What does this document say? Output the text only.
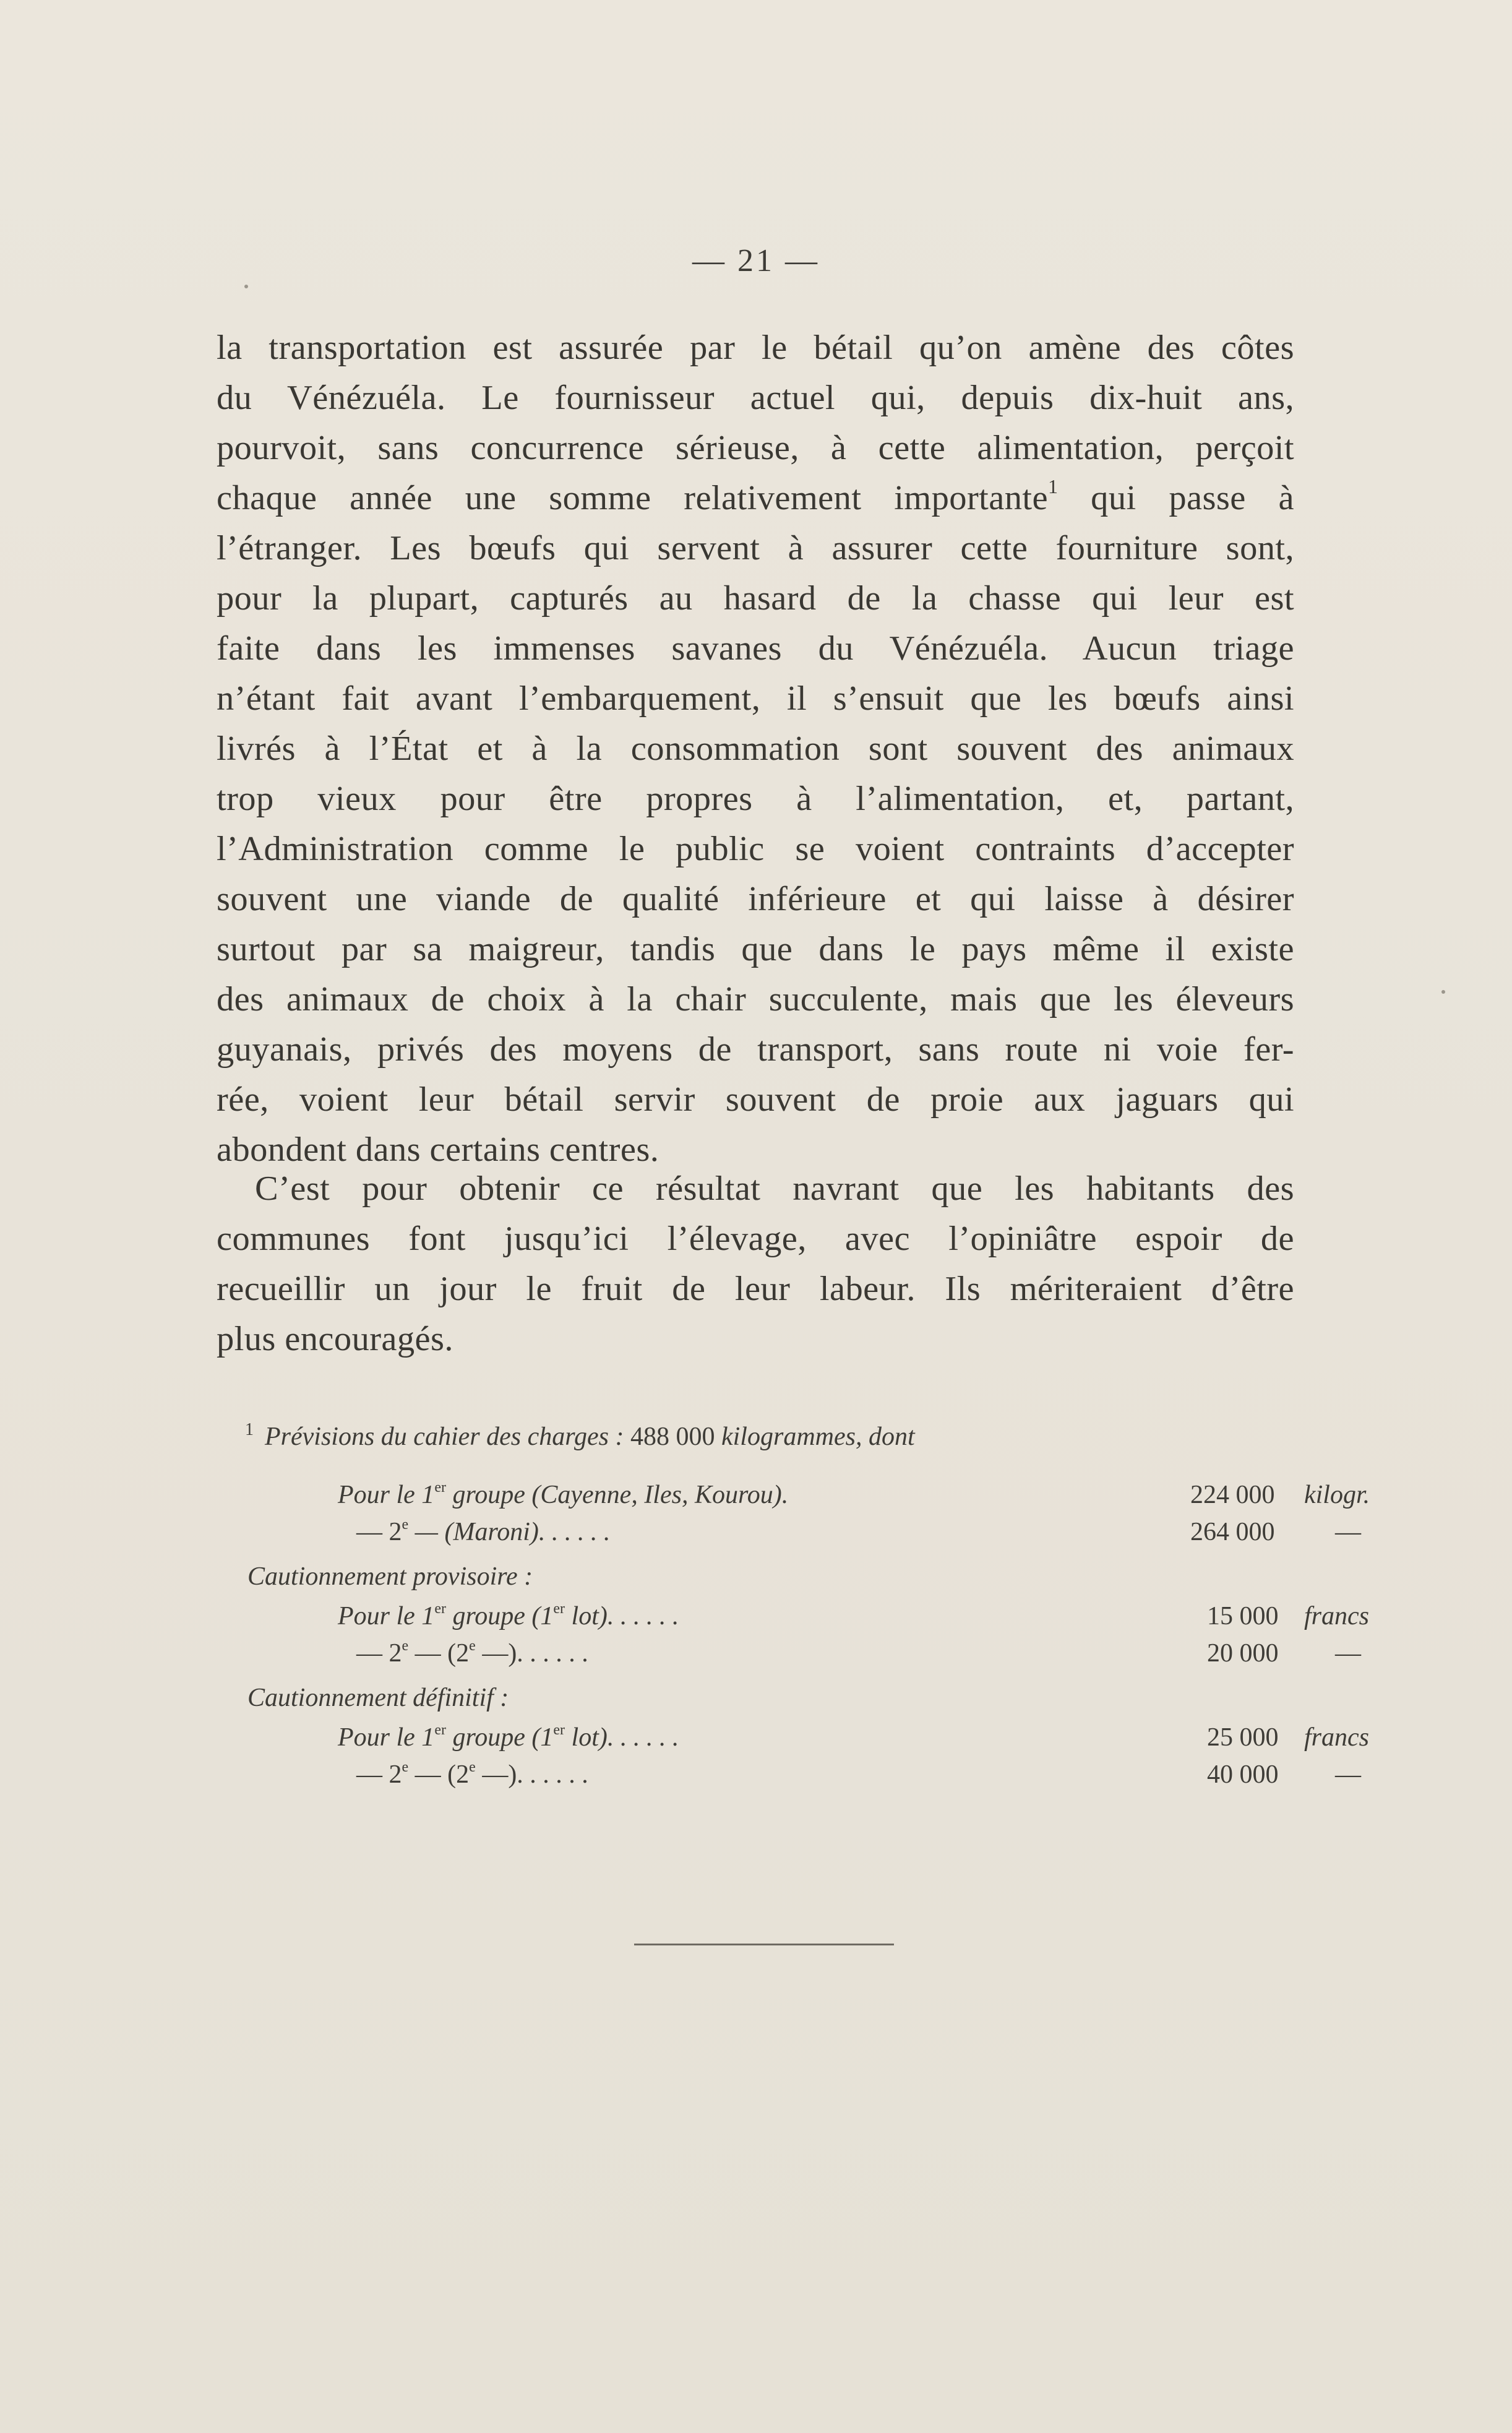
— 21 —
la transportation est assurée par le bétail qu’on amène des côtes
du Vénézuéla. Le fournisseur actuel qui, depuis dix-huit ans,
pourvoit, sans concurrence sérieuse, à cette alimentation, perçoit
chaque année une somme relativement importante$^1$ qui passe à
l’étranger. Les bœufs qui servent à assurer cette fourniture sont,
pour la plupart, capturés au hasard de la chasse qui leur est
faite dans les immenses savanes du Vénézuéla. Aucun triage
n’étant fait avant l’embarquement, il s’ensuit que les bœufs ainsi
livrés à l’État et à la consommation sont souvent des animaux
trop vieux pour être propres à l’alimentation, et, partant,
l’Administration comme le public se voient contraints d’accepter
souvent une viande de qualité inférieure et qui laisse à désirer
surtout par sa maigreur, tandis que dans le pays même il existe
des animaux de choix à la chair succulente, mais que les éleveurs
guyanais, privés des moyens de transport, sans route ni voie fer-
rée, voient leur bétail servir souvent de proie aux jaguars qui
abondent dans certains centres.
C’est pour obtenir ce résultat navrant que les habitants des
communes font jusqu’ici l’élevage, avec l’opiniâtre espoir de
recueillir un jour le fruit de leur labeur. Ils mériteraient d’être
plus encouragés.
$^1$ Prévisions du cahier des charges : 488 000 kilogrammes, dont
Pour le 1er groupe (Cayenne, Iles, Kourou).	224 000 kilogr.
— 2e — (Maroni). . . . . .	264 000 —
Cautionnement provisoire :
Pour le 1er groupe (1er lot). . . . . .	15 000 francs
— 2e — (2e —). . . . . .	20 000 —
Cautionnement définitif :
Pour le 1er groupe (1er lot). . . . . .	25 000 francs
— 2e — (2e —). . . . . .	40 000 —
